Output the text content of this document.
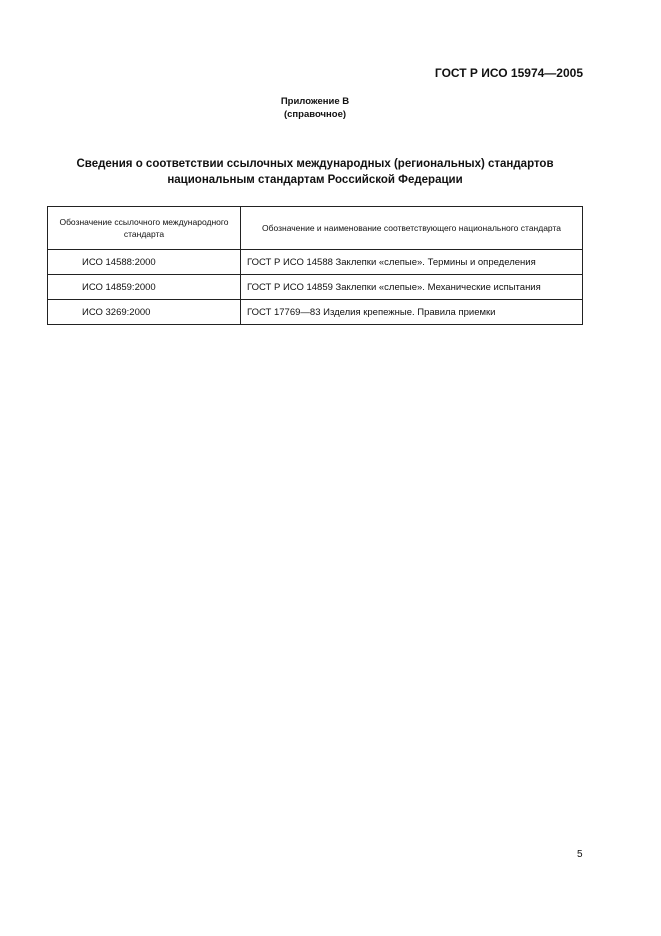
ГОСТ Р ИСО 15974—2005
Приложение В
(справочное)
Сведения о соответствии ссылочных международных (региональных) стандартов
национальным стандартам Российской Федерации
Обозначение ссылочного международного стандарта	Обозначение и наименование соответствующего национального стандарта
ИСО 14588:2000	ГОСТ Р ИСО 14588 Заклепки «слепые». Термины и определения
ИСО 14859:2000	ГОСТ Р ИСО 14859 Заклепки «слепые». Механические испытания
ИСО 3269:2000	ГОСТ 17769—83 Изделия крепежные. Правила приемки
5
